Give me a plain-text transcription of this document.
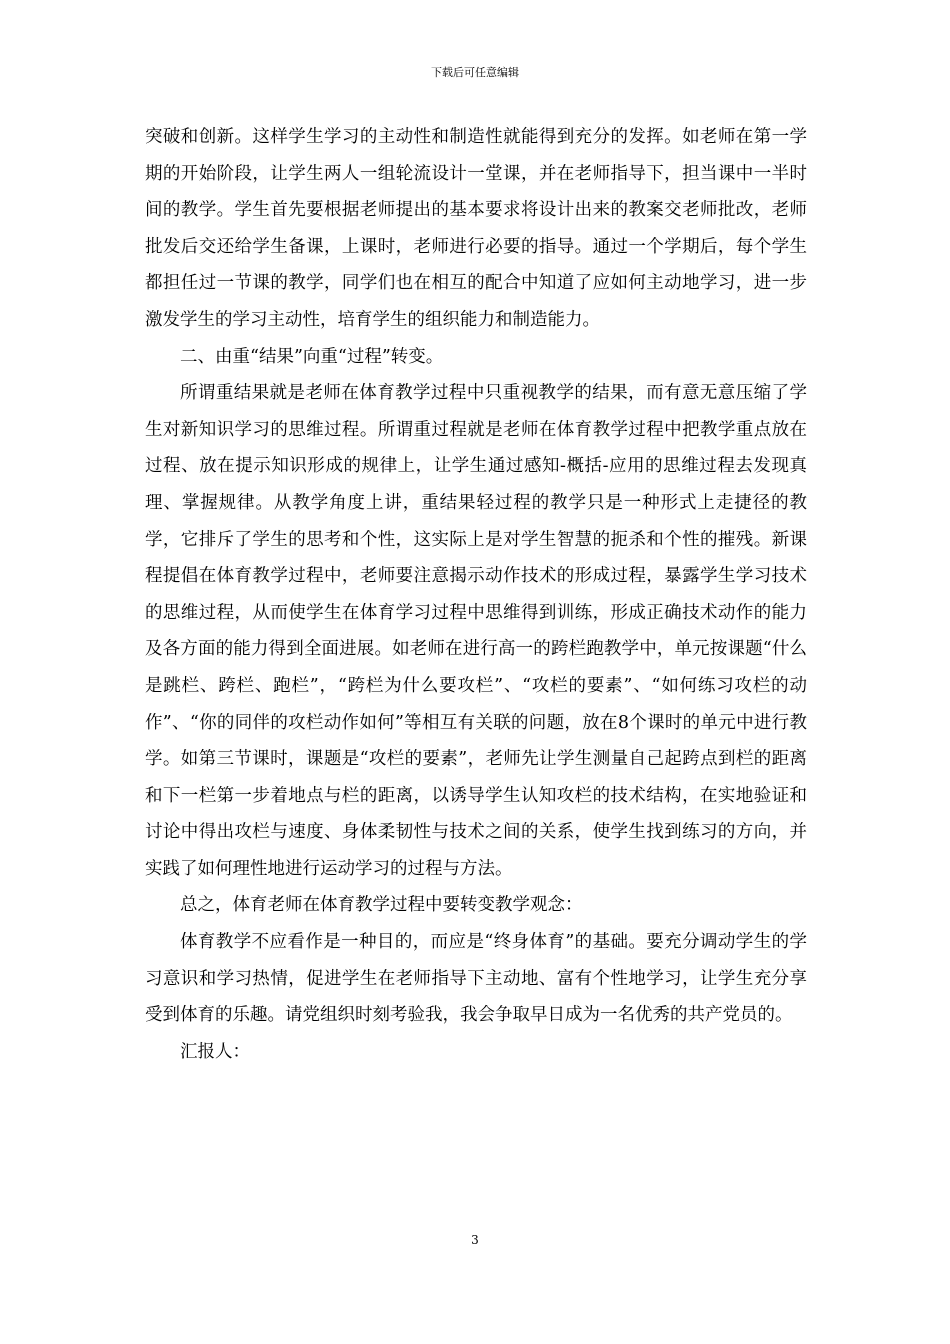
下载后可任意编辑

突破和创新。这样学生学习的主动性和制造性就能得到充分的发挥。如老师在第一学期的开始阶段，让学生两人一组轮流设计一堂课，并在老师指导下，担当课中一半时间的教学。学生首先要根据老师提出的基本要求将设计出来的教案交老师批改，老师批发后交还给学生备课，上课时，老师进行必要的指导。通过一个学期后，每个学生都担任过一节课的教学，同学们也在相互的配合中知道了应如何主动地学习，进一步激发学生的学习主动性，培育学生的组织能力和制造能力。

二、由重“结果”向重“过程”转变。

所谓重结果就是老师在体育教学过程中只重视教学的结果，而有意无意压缩了学生对新知识学习的思维过程。所谓重过程就是老师在体育教学过程中把教学重点放在过程、放在提示知识形成的规律上，让学生通过感知-概括-应用的思维过程去发现真理、掌握规律。从教学角度上讲，重结果轻过程的教学只是一种形式上走捷径的教学，它排斥了学生的思考和个性，这实际上是对学生智慧的扼杀和个性的摧残。新课程提倡在体育教学过程中，老师要注意揭示动作技术的形成过程，暴露学生学习技术的思维过程，从而使学生在体育学习过程中思维得到训练，形成正确技术动作的能力及各方面的能力得到全面进展。如老师在进行高一的跨栏跑教学中，单元按课题“什么是跳栏、跨栏、跑栏”，“跨栏为什么要攻栏”、“攻栏的要素”、“如何练习攻栏的动作”、“你的同伴的攻栏动作如何”等相互有关联的问题，放在8个课时的单元中进行教学。如第三节课时，课题是“攻栏的要素”，老师先让学生测量自己起跨点到栏的距离和下一栏第一步着地点与栏的距离，以诱导学生认知攻栏的技术结构，在实地验证和讨论中得出攻栏与速度、身体柔韧性与技术之间的关系，使学生找到练习的方向，并实践了如何理性地进行运动学习的过程与方法。

总之，体育老师在体育教学过程中要转变教学观念：

体育教学不应看作是一种目的，而应是“终身体育”的基础。要充分调动学生的学习意识和学习热情，促进学生在老师指导下主动地、富有个性地学习，让学生充分享受到体育的乐趣。请党组织时刻考验我，我会争取早日成为一名优秀的共产党员的。

汇报人：

3
